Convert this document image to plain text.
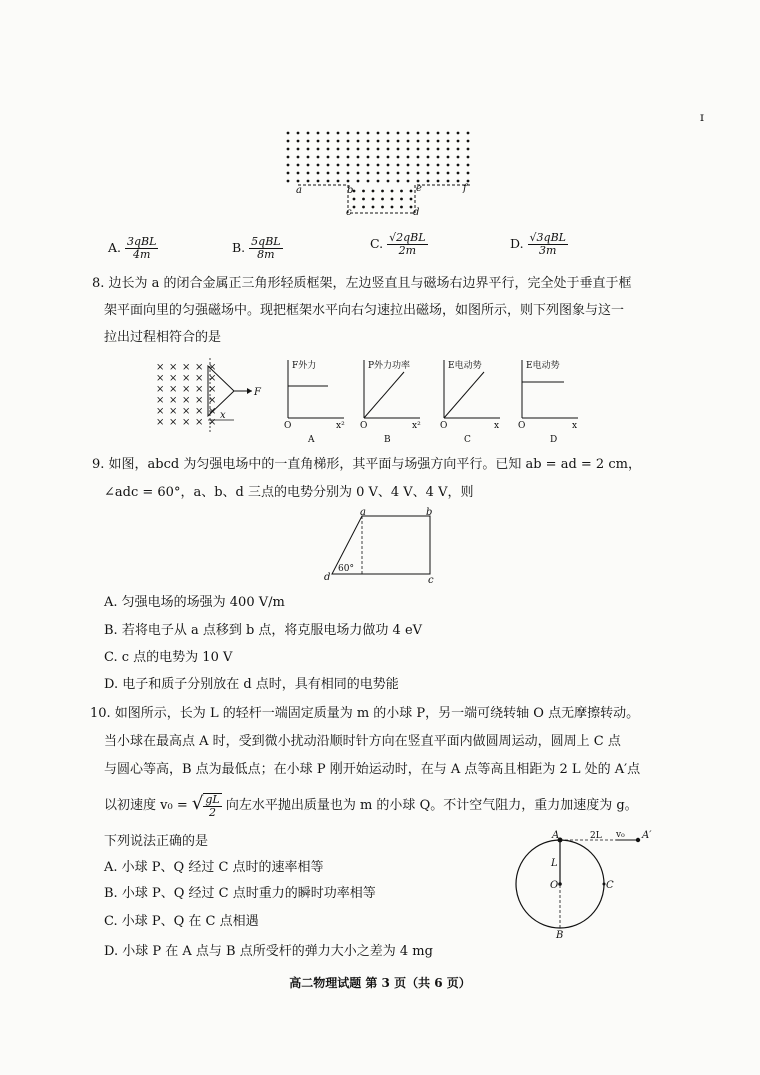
ɪ
a	b	e	f
c	d
A. $\frac{\text{3qBL}}{4m}$	B. $\frac{\text{5qBL}}{8m}$	C. $\frac{\text{√2qBL}}{2m}$	D. $\frac{\text{√3qBL}}{3m}$
8. 边长为 a 的闭合金属正三角形轻质框架，左边竖直且与磁场右边界平行，完全处于垂直于框
架平面向里的匀强磁场中。现把框架水平向右匀速拉出磁场，如图所示，则下列图象与这一
拉出过程相符合的是
× × × × ×
× × × × ×
× × × × ×
× × × × ×
× × × × ×
× × × × ×
F
x
F外力
x²
O
A
P外力功率
x²
O
B
E电动势
x
O
C
E电动势
x
O
D
9. 如图，abcd 为匀强电场中的一直角梯形，其平面与场强方向平行。已知 ab = ad = 2 cm，
∠adc = 60°，a、b、d 三点的电势分别为 0 V、4 V、4 V，则
a	b
d	c
60°
A. 匀强电场的场强为 400 V/m
B. 若将电子从 a 点移到 b 点，将克服电场力做功 4 eV
C. c 点的电势为 10 V
D. 电子和质子分别放在 d 点时，具有相同的电势能
10. 如图所示，长为 L 的轻杆一端固定质量为 m 的小球 P，另一端可绕转轴 O 点无摩擦转动。
当小球在最高点 A 时，受到微小扰动沿顺时针方向在竖直平面内做圆周运动，圆周上 C 点
与圆心等高，B 点为最低点；在小球 P 刚开始运动时，在与 A 点等高且相距为 2 L 处的 A′点
以初速度 v₀ = √ $\frac{gL}{2}$ 向左水平抛出质量也为 m 的小球 Q。不计空气阻力，重力加速度为 g。
下列说法正确的是
A. 小球 P、Q 经过 C 点时的速率相等
B. 小球 P、Q 经过 C 点时重力的瞬时功率相等
C. 小球 P、Q 在 C 点相遇
D. 小球 P 在 A 点与 B 点所受杆的弹力大小之差为 4 mg
A	A′
2L v₀
L
O	C
B
高二物理试题 第 3 页（共 6 页）
